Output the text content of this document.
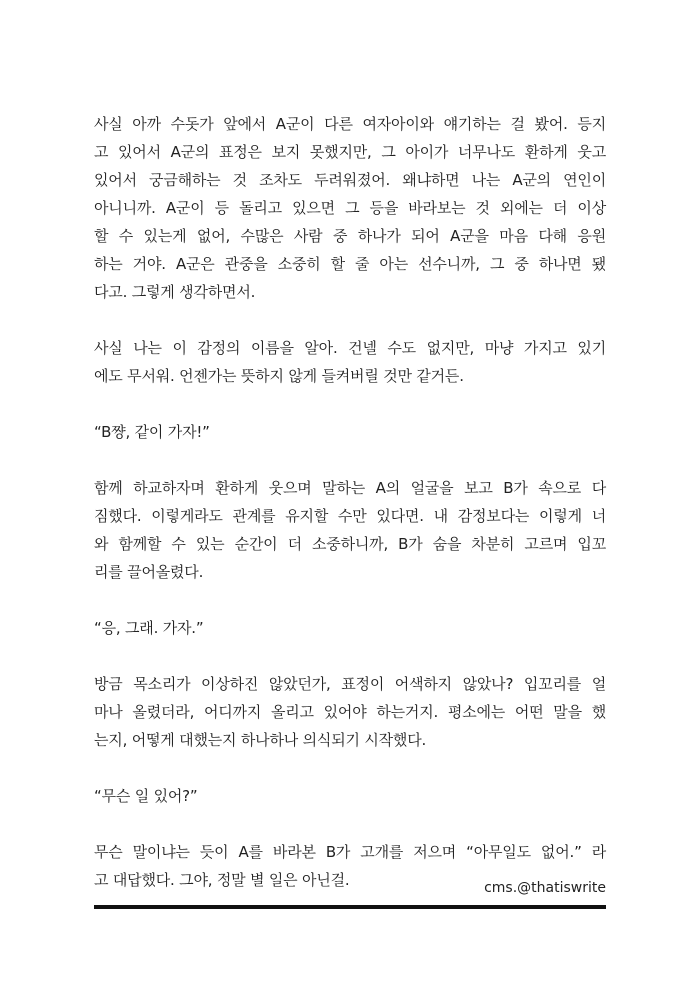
사실 아까 수돗가 앞에서 A군이 다른 여자아이와 얘기하는 걸 봤어. 등지
고 있어서 A군의 표정은 보지 못했지만, 그 아이가 너무나도 환하게 웃고
있어서 궁금해하는 것 조차도 두려워졌어. 왜냐하면 나는 A군의 연인이
아니니까. A군이 등 돌리고 있으면 그 등을 바라보는 것 외에는 더 이상
할 수 있는게 없어, 수많은 사람 중 하나가 되어 A군을 마음 다해 응원
하는 거야. A군은 관중을 소중히 할 줄 아는 선수니까, 그 중 하나면 됐
다고. 그렇게 생각하면서.
사실 나는 이 감정의 이름을 알아. 건넬 수도 없지만, 마냥 가지고 있기
에도 무서워. 언젠가는 뜻하지 않게 들켜버릴 것만 같거든.
“B쨩, 같이 가자!”
함께 하교하자며 환하게 웃으며 말하는 A의 얼굴을 보고 B가 속으로 다
짐했다. 이렇게라도 관계를 유지할 수만 있다면. 내 감정보다는 이렇게 너
와 함께할 수 있는 순간이 더 소중하니까, B가 숨을 차분히 고르며 입꼬
리를 끌어올렸다.
“응, 그래. 가자.”
방금 목소리가 이상하진 않았던가, 표정이 어색하지 않았나? 입꼬리를 얼
마나 올렸더라, 어디까지 올리고 있어야 하는거지. 평소에는 어떤 말을 했
는지, 어떻게 대했는지 하나하나 의식되기 시작했다.
“무슨 일 있어?”
무슨 말이냐는 듯이 A를 바라본 B가 고개를 저으며 “아무일도 없어.” 라
고 대답했다. 그야, 정말 별 일은 아닌걸.	cms.@thatiswrite
